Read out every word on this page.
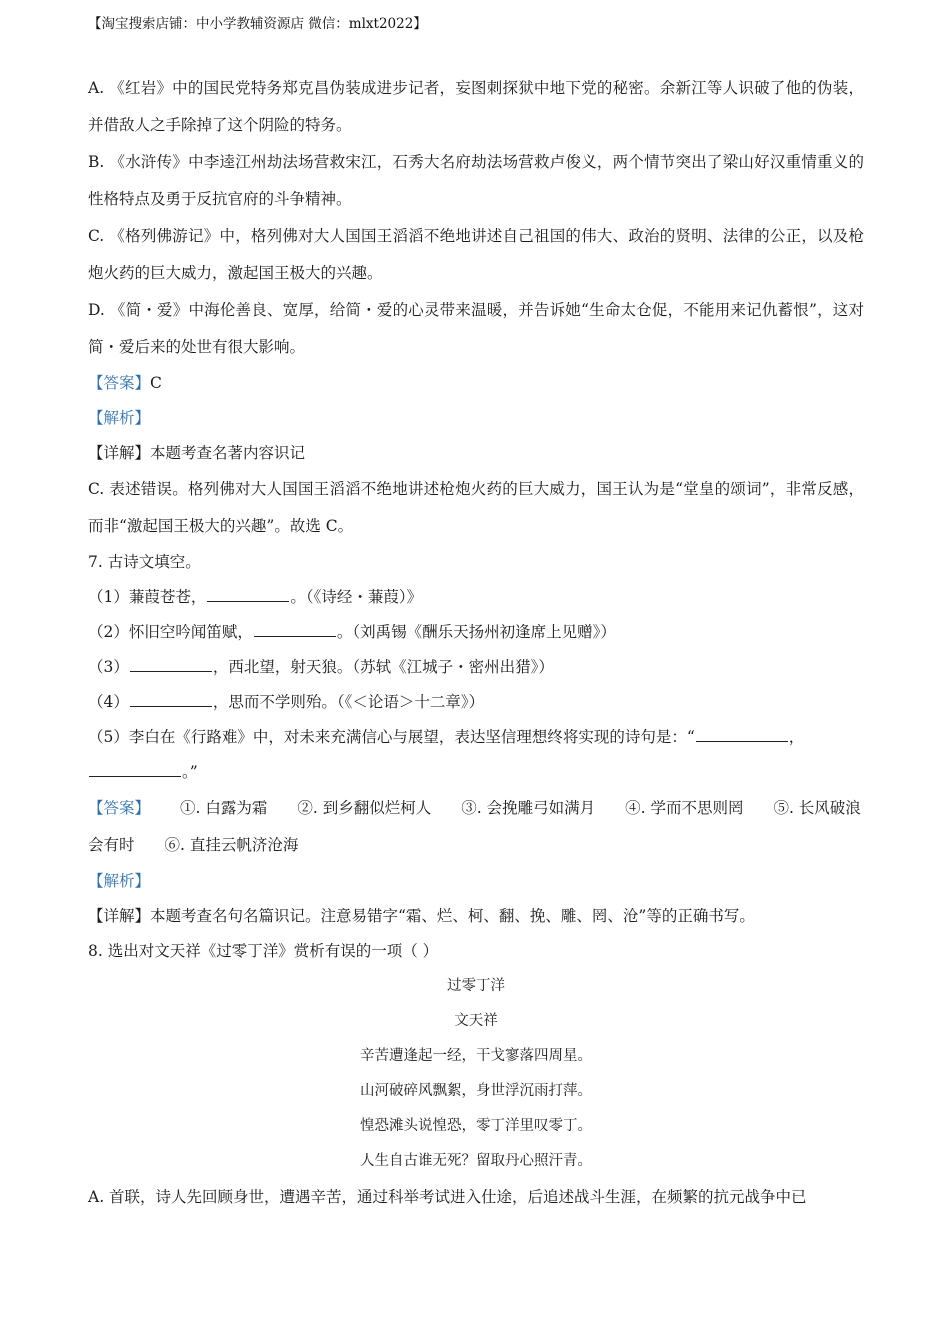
【淘宝搜索店铺：中小学教辅资源店 微信：mlxt2022】
A. 《红岩》中的国民党特务郑克昌伪装成进步记者，妄图刺探狱中地下党的秘密。余新江等人识破了他的伪装，并借敌人之手除掉了这个阴险的特务。
B. 《水浒传》中李逵江州劫法场营救宋江，石秀大名府劫法场营救卢俊义，两个情节突出了梁山好汉重情重义的性格特点及勇于反抗官府的斗争精神。
C. 《格列佛游记》中，格列佛对大人国国王滔滔不绝地讲述自己祖国的伟大、政治的贤明、法律的公正，以及枪炮火药的巨大威力，激起国王极大的兴趣。
D. 《简・爱》中海伦善良、宽厚，给简・爱的心灵带来温暖，并告诉她“生命太仓促，不能用来记仇蓄恨”，这对简・爱后来的处世有很大影响。
【答案】C
【解析】
【详解】本题考查名著内容识记
C. 表述错误。格列佛对大人国国王滔滔不绝地讲述枪炮火药的巨大威力，国王认为是“堂皇的颂词”，非常反感，而非“激起国王极大的兴趣”。故选 C。
7. 古诗文填空。
（1）蒹葭苍苍，	。（《诗经・蒹葭）》
（2）怀旧空吟闻笛赋，	。（刘禹锡《酬乐天扬州初逢席上见赠》）
（3）	，西北望，射天狼。（苏轼《江城子・密州出猎》）
（4）	，思而不学则殆。（《＜论语＞十二章》）
（5）李白在《行路难》中，对未来充满信心与展望，表达坚信理想终将实现的诗句是：“	，
。”
【答案】 ①. 白露为霜 ②. 到乡翻似烂柯人 ③. 会挽雕弓如满月 ④. 学而不思则罔 ⑤. 长风破浪
会有时 ⑥. 直挂云帆济沧海
【解析】
【详解】本题考查名句名篇识记。注意易错字“霜、烂、柯、翻、挽、雕、罔、沧”等的正确书写。
8. 选出对文天祥《过零丁洋》赏析有误的一项（ ）
过零丁洋
文天祥
辛苦遭逢起一经，干戈寥落四周星。
山河破碎风飘絮，身世浮沉雨打萍。
惶恐滩头说惶恐，零丁洋里叹零丁。
人生自古谁无死？留取丹心照汗青。
A. 首联，诗人先回顾身世，遭遇辛苦，通过科举考试进入仕途，后追述战斗生涯，在频繁的抗元战争中已
